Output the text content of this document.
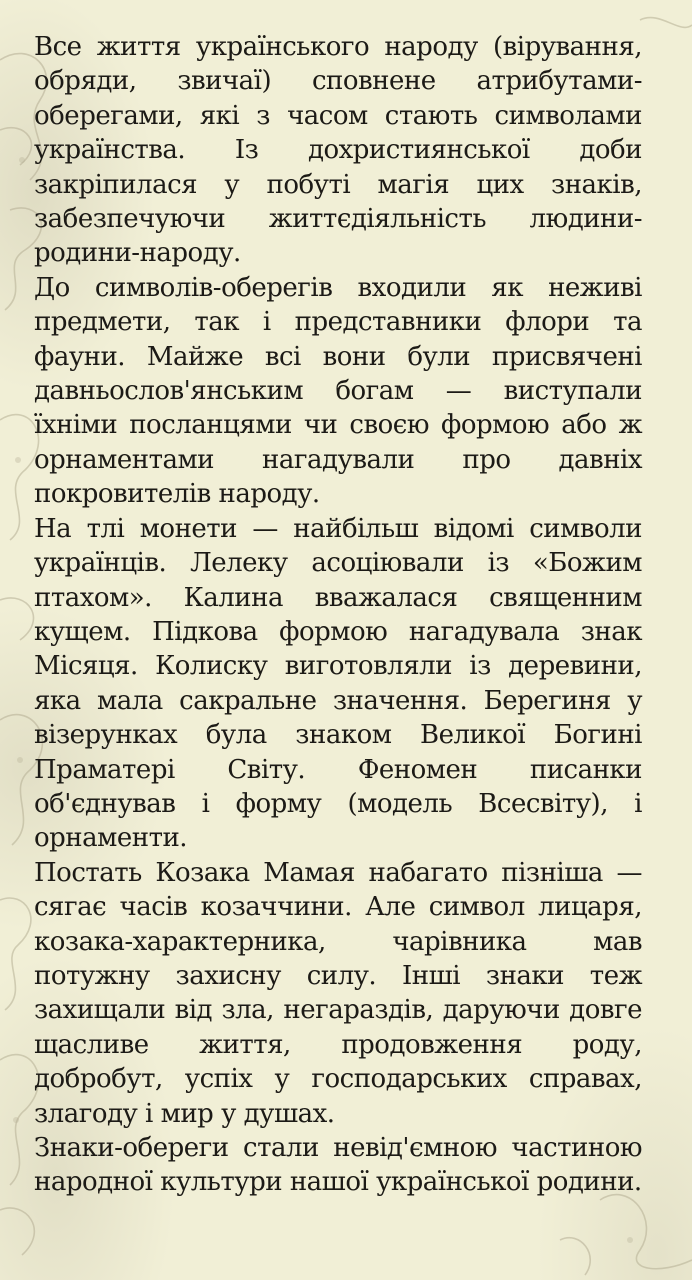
Все життя українського народу (вірування, обряди, звичаї) сповнене атрибутами-оберегами, які з часом стають символами українства. Із дохристиянської доби закріпилася у побуті магія цих знаків, забезпечуючи життєдіяльність людини-родини-народу.

До символів-оберегів входили як неживі предмети, так і представники флори та фауни. Майже всі вони були присвячені давньослов'янським богам — виступали їхніми посланцями чи своєю формою або ж орнаментами нагадували про давніх покровителів народу.

На тлі монети — найбільш відомі символи українців. Лелеку асоціювали із «Божим птахом». Калина вважалася священним кущем. Підкова формою нагадувала знак Місяця. Колиску виготовляли із деревини, яка мала сакральне значення. Берегиня у візерунках була знаком Великої Богині Праматері Світу. Феномен писанки об'єднував і форму (модель Всесвіту), і орнаменти.

Постать Козака Мамая набагато пізніша — сягає часів козаччини. Але символ лицаря, козака-характерника, чарівника мав потужну захисну силу. Інші знаки теж захищали від зла, негараздів, даруючи довге щасливе життя, продовження роду, добробут, успіх у господарських справах, злагоду і мир у душах.

Знаки-обереги стали невід'ємною частиною народної культури нашої української родини.
